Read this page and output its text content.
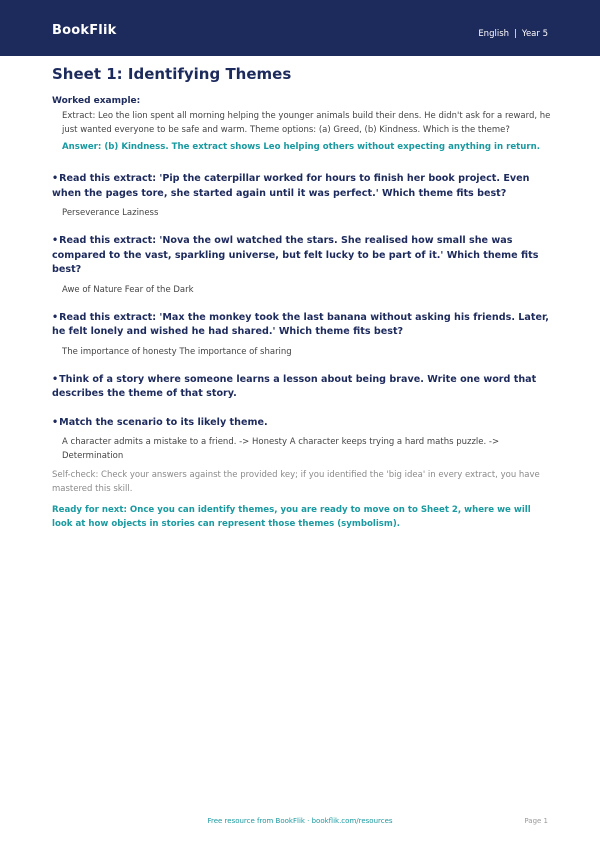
BookFlik	English | Year 5
Sheet 1: Identifying Themes
Worked example:
Extract: Leo the lion spent all morning helping the younger animals build their dens. He didn't ask for a reward, he just wanted everyone to be safe and warm. Theme options: (a) Greed, (b) Kindness. Which is the theme?
Answer: (b) Kindness. The extract shows Leo helping others without expecting anything in return.
•Read this extract: 'Pip the caterpillar worked for hours to finish her book project. Even when the pages tore, she started again until it was perfect.' Which theme fits best?
Perseverance Laziness
•Read this extract: 'Nova the owl watched the stars. She realised how small she was compared to the vast, sparkling universe, but felt lucky to be part of it.' Which theme fits best?
Awe of Nature Fear of the Dark
•Read this extract: 'Max the monkey took the last banana without asking his friends. Later, he felt lonely and wished he had shared.' Which theme fits best?
The importance of honesty The importance of sharing
•Think of a story where someone learns a lesson about being brave. Write one word that describes the theme of that story.
•Match the scenario to its likely theme.
A character admits a mistake to a friend. -> Honesty A character keeps trying a hard maths puzzle. -> Determination
Self-check: Check your answers against the provided key; if you identified the 'big idea' in every extract, you have mastered this skill.
Ready for next: Once you can identify themes, you are ready to move on to Sheet 2, where we will look at how objects in stories can represent those themes (symbolism).
Free resource from BookFlik · bookflik.com/resources	Page 1
